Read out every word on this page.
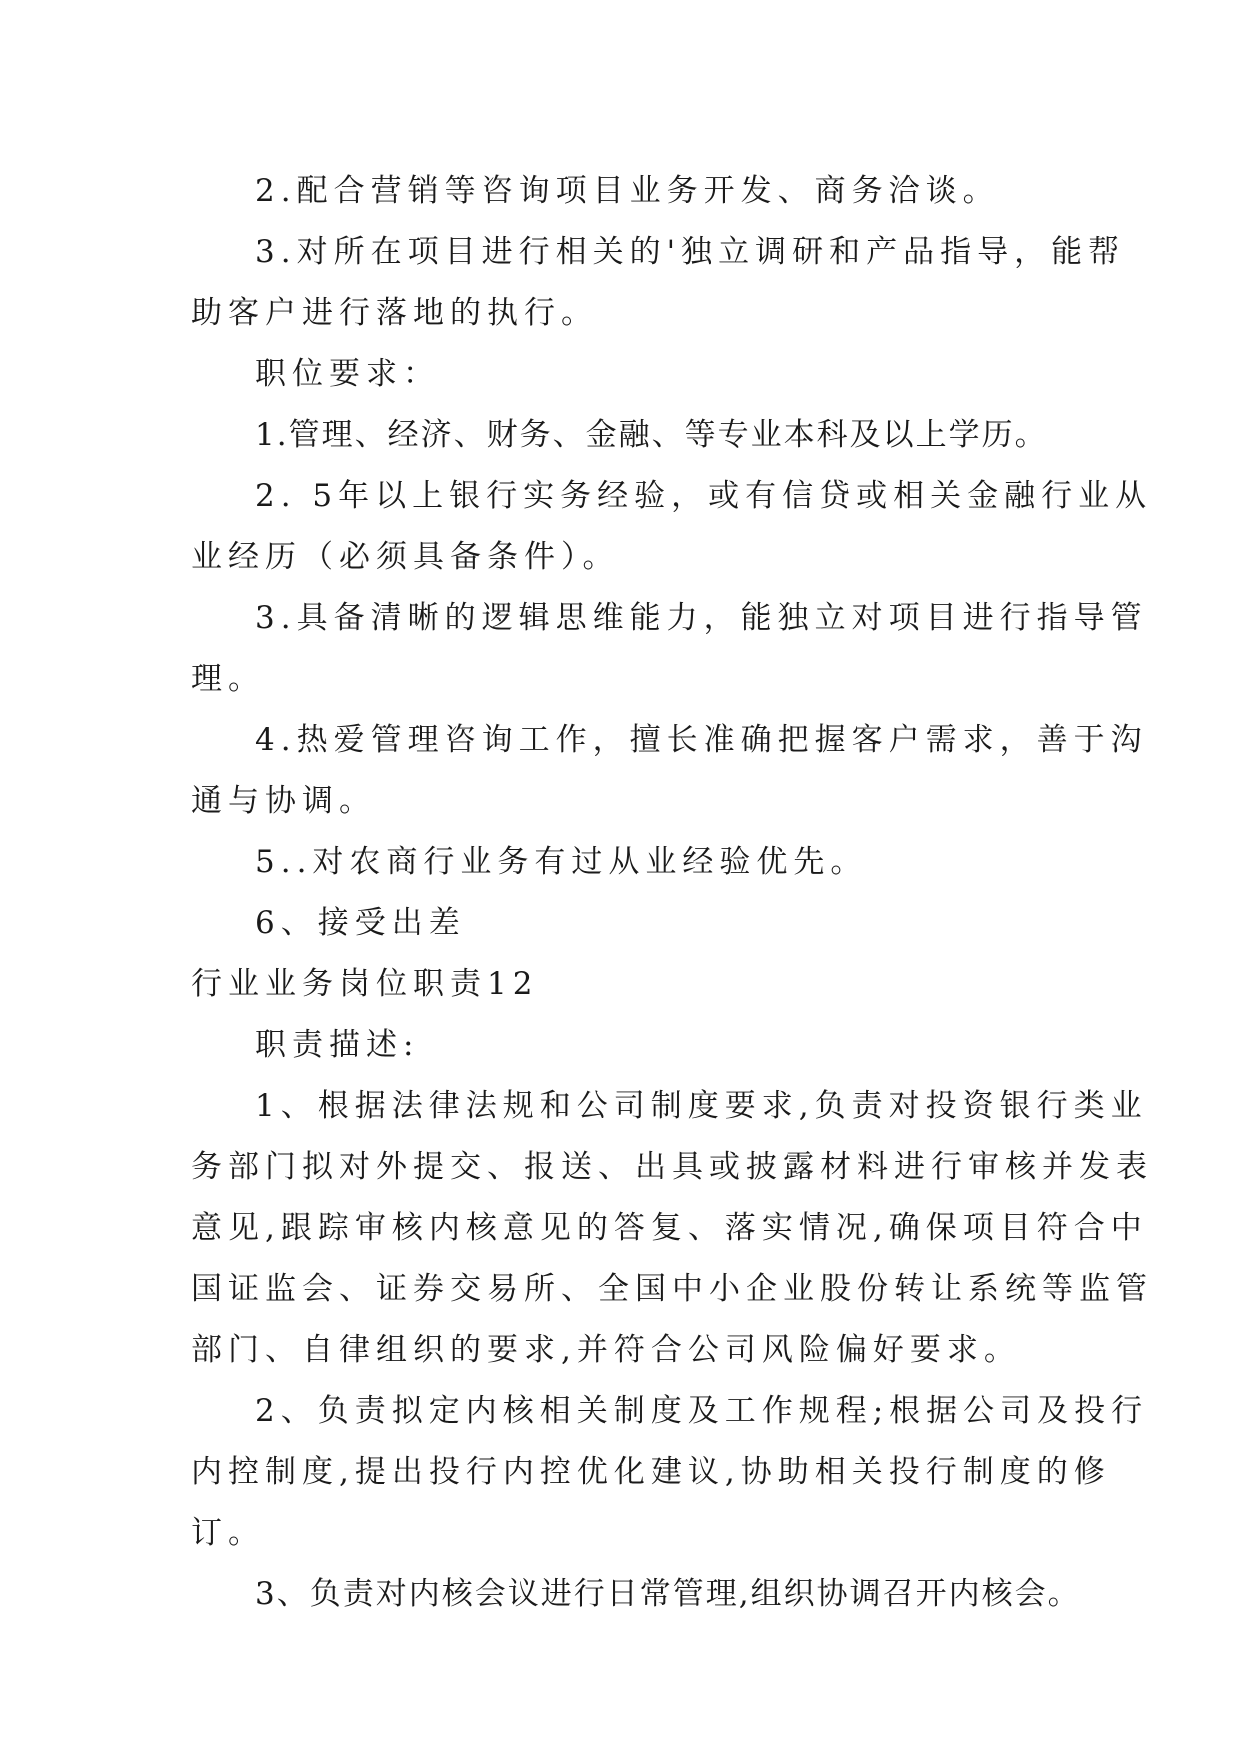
2.配合营销等咨询项目业务开发、商务洽谈。

3.对所在项目进行相关的'独立调研和产品指导，能帮

助客户进行落地的执行。

职位要求：

1.管理、经济、财务、金融、等专业本科及以上学历。

2. 5年以上银行实务经验，或有信贷或相关金融行业从

业经历（必须具备条件）。

3.具备清晰的逻辑思维能力，能独立对项目进行指导管

理。

4.热爱管理咨询工作，擅长准确把握客户需求，善于沟

通与协调。

5..对农商行业务有过从业经验优先。

6、接受出差

行业业务岗位职责12

职责描述:

1、根据法律法规和公司制度要求,负责对投资银行类业

务部门拟对外提交、报送、出具或披露材料进行审核并发表

意见,跟踪审核内核意见的答复、落实情况,确保项目符合中

国证监会、证券交易所、全国中小企业股份转让系统等监管

部门、自律组织的要求,并符合公司风险偏好要求。

2、负责拟定内核相关制度及工作规程;根据公司及投行

内控制度,提出投行内控优化建议,协助相关投行制度的修

订。

3、负责对内核会议进行日常管理,组织协调召开内核会。
